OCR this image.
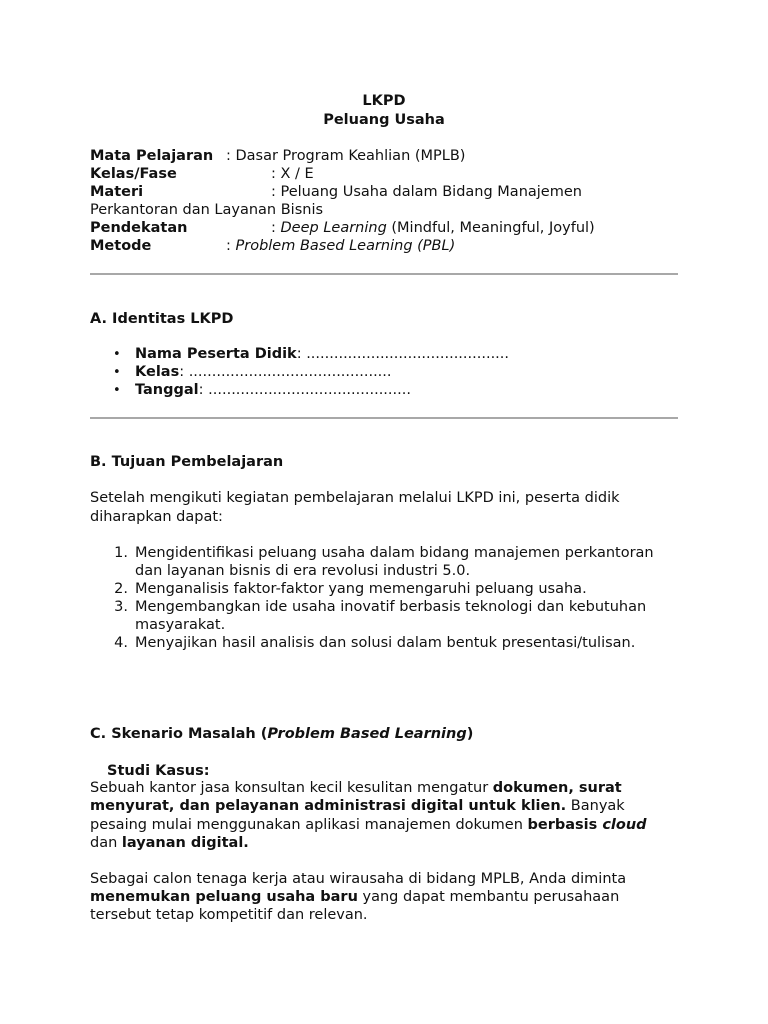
LKPD
Peluang Usaha
Mata Pelajaran : Dasar Program Keahlian (MPLB)
Kelas/Fase	: X / E
Materi	: Peluang Usaha dalam Bidang Manajemen
Perkantoran dan Layanan Bisnis
Pendekatan	: Deep Learning (Mindful, Meaningful, Joyful)
Metode	: Problem Based Learning (PBL)
A. Identitas LKPD
• Nama Peserta Didik: ............................................
• Kelas: ............................................
• Tanggal: ............................................
B. Tujuan Pembelajaran
Setelah mengikuti kegiatan pembelajaran melalui LKPD ini, peserta didik
diharapkan dapat:
1. Mengidentifikasi peluang usaha dalam bidang manajemen perkantoran
dan layanan bisnis di era revolusi industri 5.0.
2. Menganalisis faktor-faktor yang memengaruhi peluang usaha.
3. Mengembangkan ide usaha inovatif berbasis teknologi dan kebutuhan
masyarakat.
4. Menyajikan hasil analisis dan solusi dalam bentuk presentasi/tulisan.
C. Skenario Masalah (Problem Based Learning)
Studi Kasus:
Sebuah kantor jasa konsultan kecil kesulitan mengatur dokumen, surat
menyurat, dan pelayanan administrasi digital untuk klien. Banyak
pesaing mulai menggunakan aplikasi manajemen dokumen berbasis cloud
dan layanan digital.
Sebagai calon tenaga kerja atau wirausaha di bidang MPLB, Anda diminta
menemukan peluang usaha baru yang dapat membantu perusahaan
tersebut tetap kompetitif dan relevan.
